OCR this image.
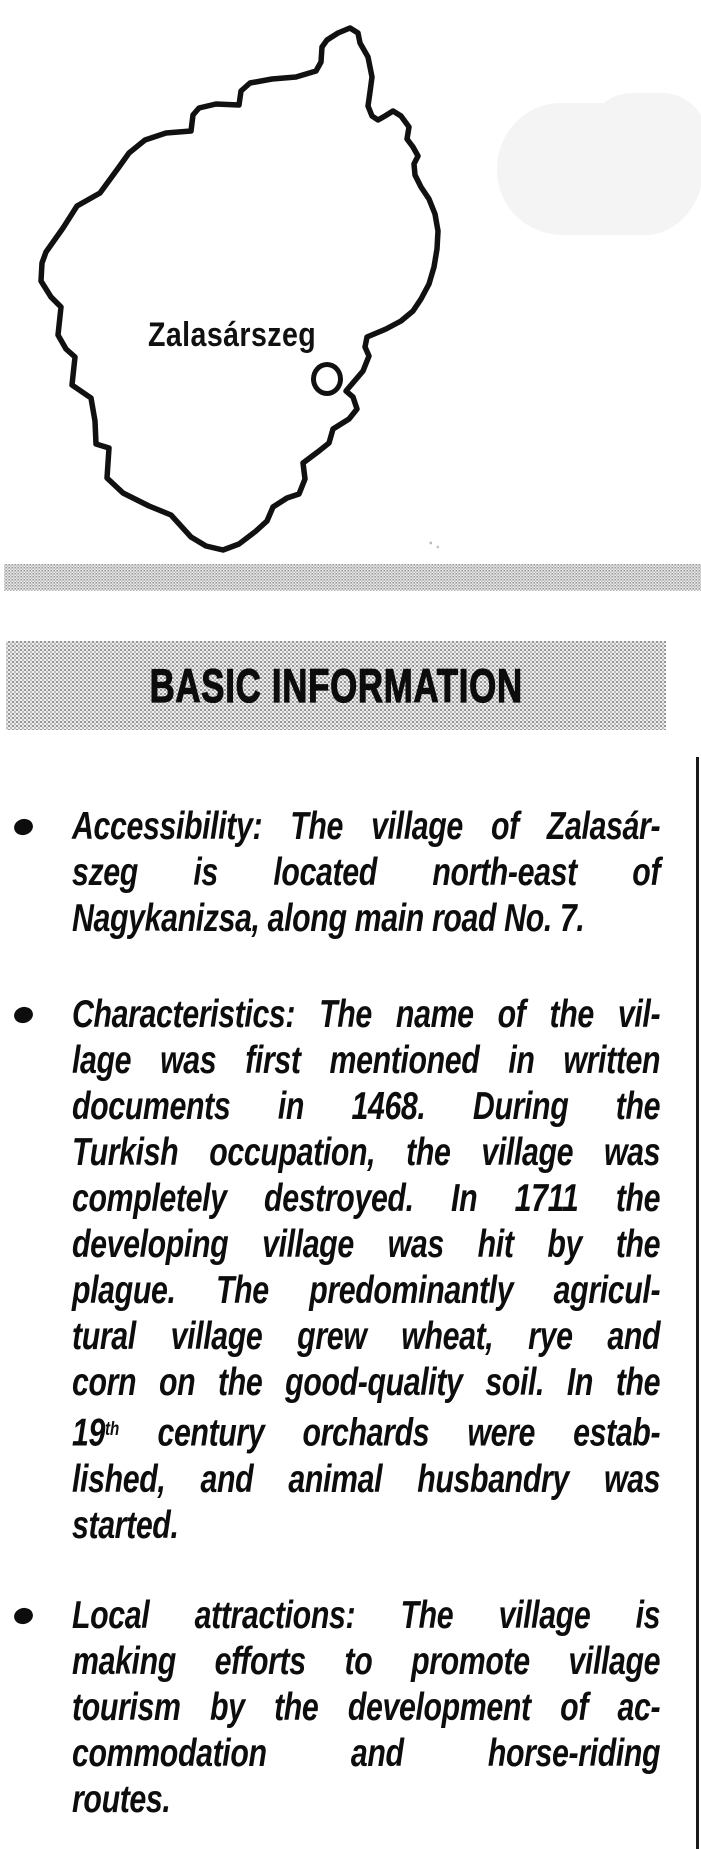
Zalasárszeg
BASIC INFORMATION
Accessibility: The village of Zalasár-
szeg is located north-east of
Nagykanizsa, along main road No. 7.
Characteristics: The name of the vil-
lage was first mentioned in written
documents in 1468. During the
Turkish occupation, the village was
completely destroyed. In 1711 the
developing village was hit by the
plague. The predominantly agricul-
tural village grew wheat, rye and
corn on the good-quality soil. In the
19th century orchards were estab-
lished, and animal husbandry was
started.
Local attractions: The village is
making efforts to promote village
tourism by the development of ac-
commodation and horse-riding
routes.
